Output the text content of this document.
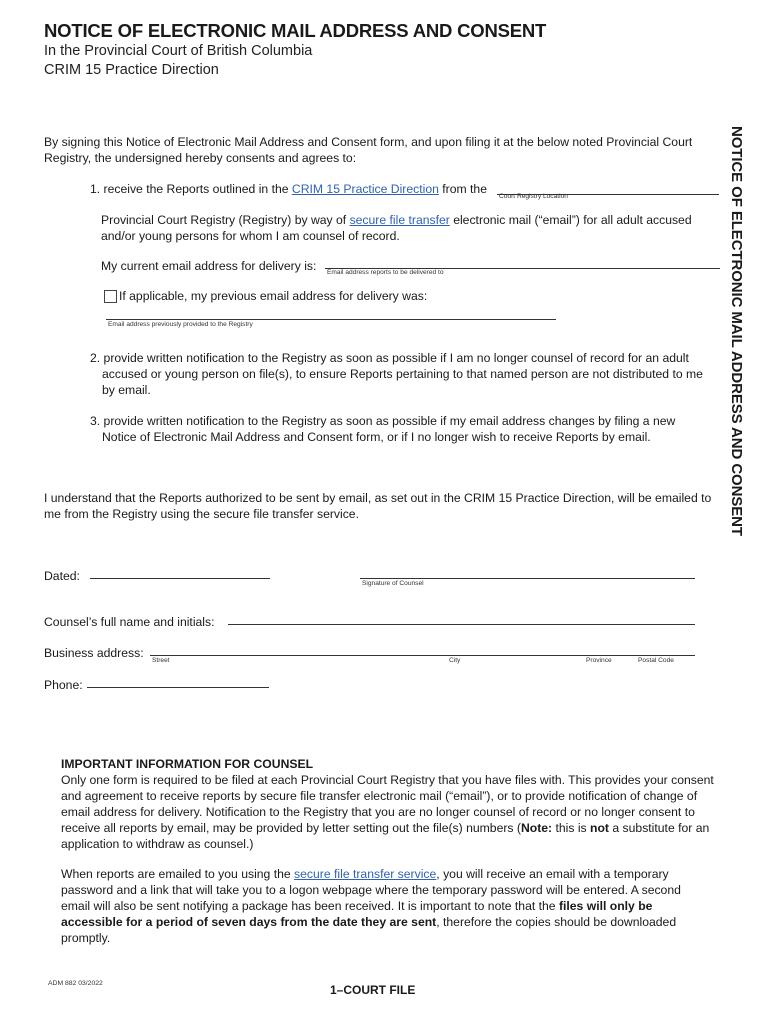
NOTICE OF ELECTRONIC MAIL ADDRESS AND CONSENT
In the Provincial Court of British Columbia
CRIM 15 Practice Direction
NOTICE OF ELECTRONIC MAIL ADDRESS AND CONSENT
By signing this Notice of Electronic Mail Address and Consent form, and upon filing it at the below noted Provincial Court Registry, the undersigned hereby consents and agrees to:
1. receive the Reports outlined in the CRIM 15 Practice Direction from the
Court Registry Location
Provincial Court Registry (Registry) by way of secure file transfer electronic mail (“email”) for all adult accused and/or young persons for whom I am counsel of record.
My current email address for delivery is: Email address reports to be delivered to
If applicable, my previous email address for delivery was:
Email address previously provided to the Registry

2. provide written notification to the Registry as soon as possible if I am no longer counsel of record for an adult accused or young person on file(s), to ensure Reports pertaining to that named person are not distributed to me by email.

3. provide written notification to the Registry as soon as possible if my email address changes by filing a new Notice of Electronic Mail Address and Consent form, or if I no longer wish to receive Reports by email.

I understand that the Reports authorized to be sent by email, as set out in the CRIM 15 Practice Direction, will be emailed to me from the Registry using the secure file transfer service.
Dated:
Signature of Counsel
Counsel’s full name and initials:
Business address:
Street	City	Province	Postal Code
Phone:
IMPORTANT INFORMATION FOR COUNSEL
Only one form is required to be filed at each Provincial Court Registry that you have files with. This provides your consent and agreement to receive reports by secure file transfer electronic mail (“email”), or to provide notification of change of email address for delivery. Notification to the Registry that you are no longer counsel of record or no longer consent to receive all reports by email, may be provided by letter setting out the file(s) numbers (Note: this is not a substitute for an application to withdraw as counsel.)
When reports are emailed to you using the secure file transfer service, you will receive an email with a temporary password and a link that will take you to a logon webpage where the temporary password will be entered. A second email will also be sent notifying a package has been received. It is important to note that the files will only be accessible for a period of seven days from the date they are sent, therefore the copies should be downloaded promptly.
ADM 882 03/2022	1–COURT FILE
